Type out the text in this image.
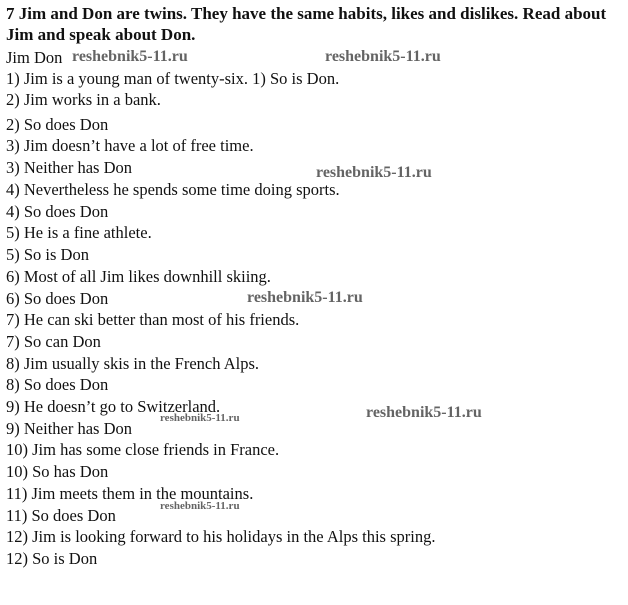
7 Jim and Don are twins. They have the same habits, likes and dislikes. Read about Jim and speak about Don.
Jim Don
1) Jim is a young man of twenty-six. 1) So is Don.
2) Jim works in a bank.
2) So does Don
3) Jim doesn’t have a lot of free time.
3) Neither has Don
4) Nevertheless he spends some time doing sports.
4) So does Don
5) He is a fine athlete.
5) So is Don
6) Most of all Jim likes downhill skiing.
6) So does Don
7) He can ski better than most of his friends.
7) So can Don
8) Jim usually skis in the French Alps.
8) So does Don
9) He doesn’t go to Switzerland.
9) Neither has Don
10) Jim has some close friends in France.
10) So has Don
11) Jim meets them in the mountains.
11) So does Don
12) Jim is looking forward to his holidays in the Alps this spring.
12) So is Don
reshebnik5-11.ru	reshebnik5-11.ru
reshebnik5-11.ru
reshebnik5-11.ru
reshebnik5-11.ru	reshebnik5-11.ru
reshebnik5-11.ru
